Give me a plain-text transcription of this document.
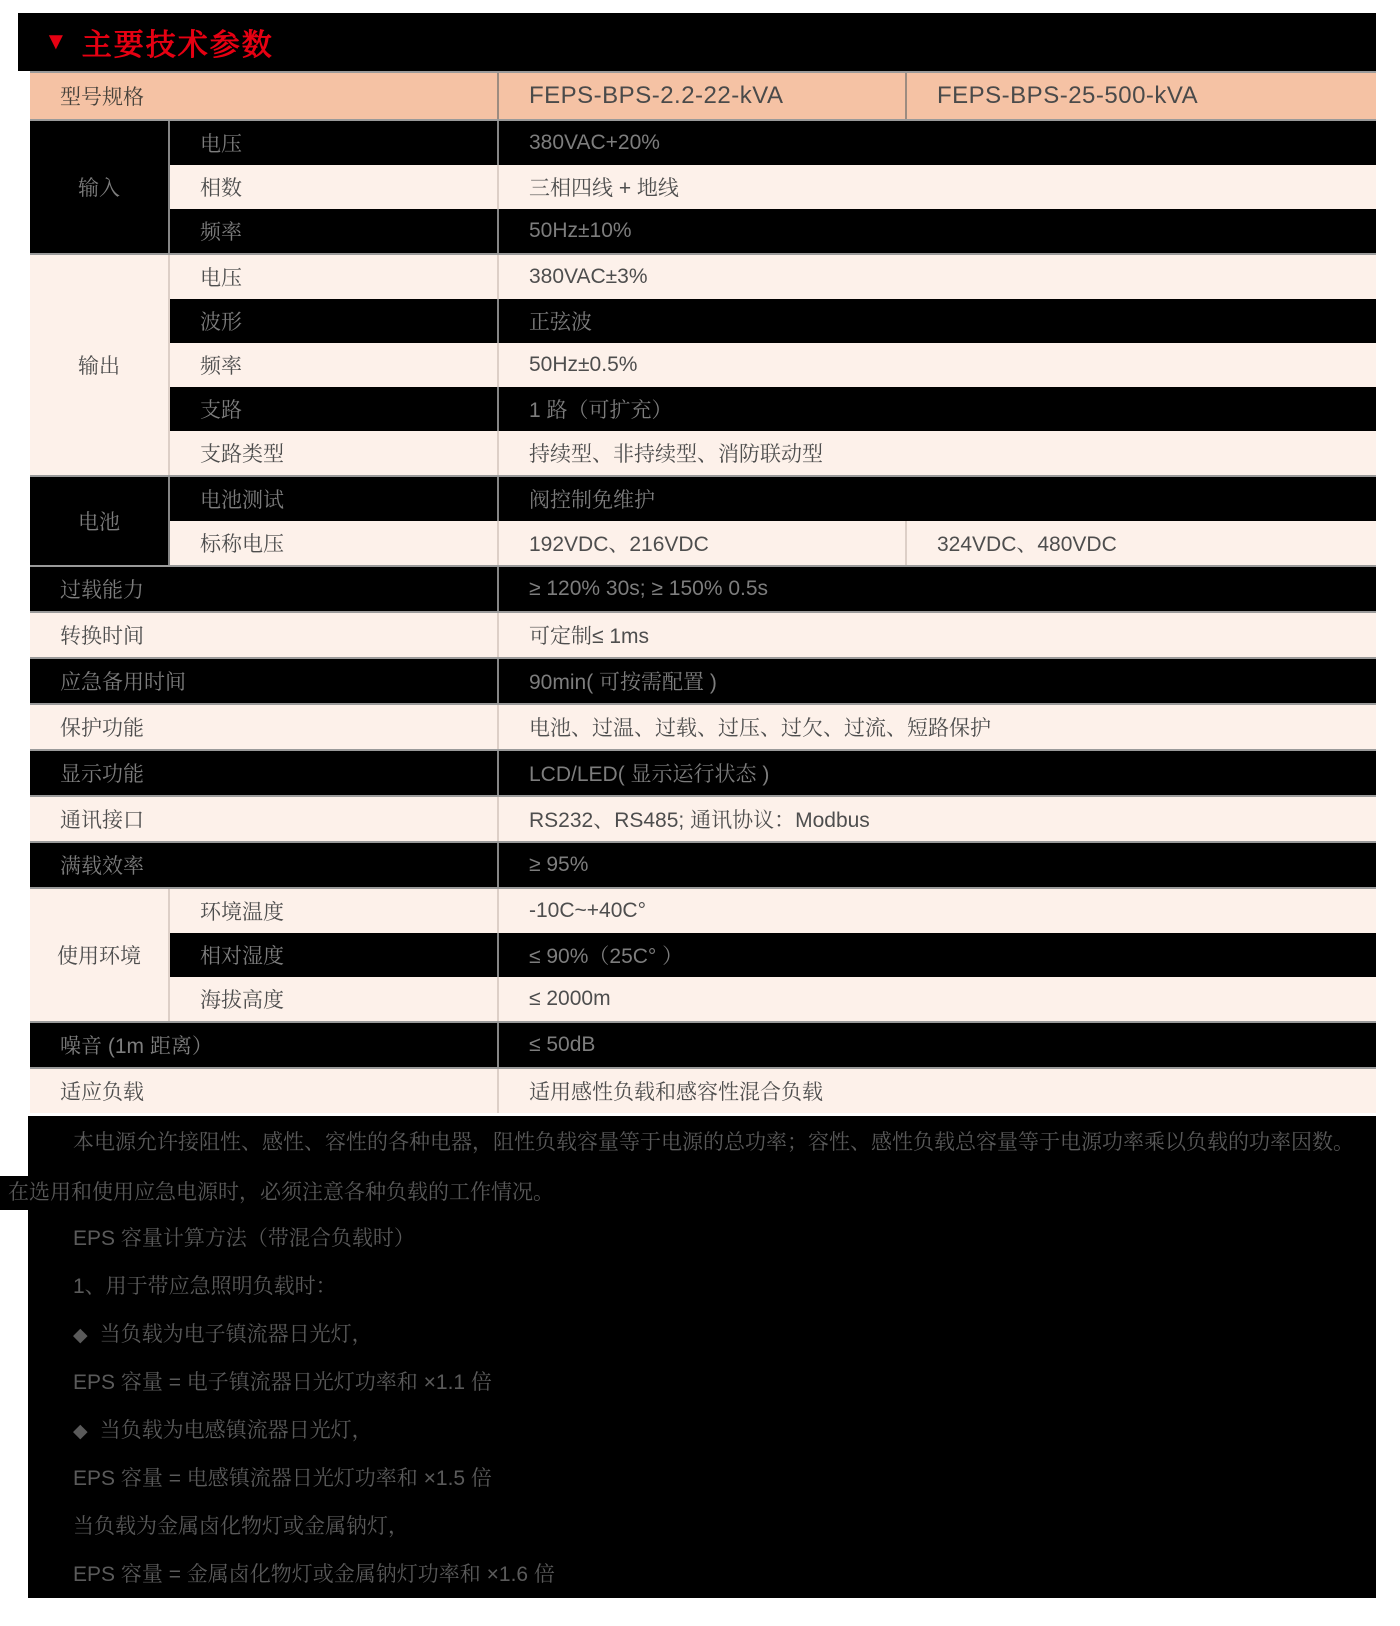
▼ 主要技术参数
型号规格	FEPS-BPS-2.2-22-kVA	FEPS-BPS-25-500-kVA
输入
电压	380VAC+20%
相数	三相四线 + 地线
频率	50Hz±10%
输出
电压	380VAC±3%
波形	正弦波
频率	50Hz±0.5%
支路	1 路（可扩充）
支路类型	持续型、非持续型、消防联动型
电池
电池测试	阀控制免维护
标称电压	192VDC、216VDC	324VDC、480VDC
过载能力	≥ 120% 30s; ≥ 150% 0.5s
转换时间	可定制≤ 1ms
应急备用时间	90min( 可按需配置 )
保护功能	电池、过温、过载、过压、过欠、过流、短路保护
显示功能	LCD/LED( 显示运行状态 )
通讯接口	RS232、RS485; 通讯协议：Modbus
满载效率	≥ 95%
使用环境
环境温度	-10C~+40C°
相对湿度	≤ 90%（25C° ）
海拔高度	≤ 2000m
噪音 (1m 距离）	≤ 50dB
适应负载	适用感性负载和感容性混合负载
本电源允许接阻性、感性、容性的各种电器，阻性负载容量等于电源的总功率；容性、感性负载总容量等于电源功率乘以负载的功率因数。
在选用和使用应急电源时，必须注意各种负载的工作情况。
EPS 容量计算方法（带混合负载时）
1、用于带应急照明负载时：
◆ 当负载为电子镇流器日光灯，
EPS 容量 = 电子镇流器日光灯功率和 ×1.1 倍
◆ 当负载为电感镇流器日光灯，
EPS 容量 = 电感镇流器日光灯功率和 ×1.5 倍
当负载为金属卤化物灯或金属钠灯，
EPS 容量 = 金属卤化物灯或金属钠灯功率和 ×1.6 倍
